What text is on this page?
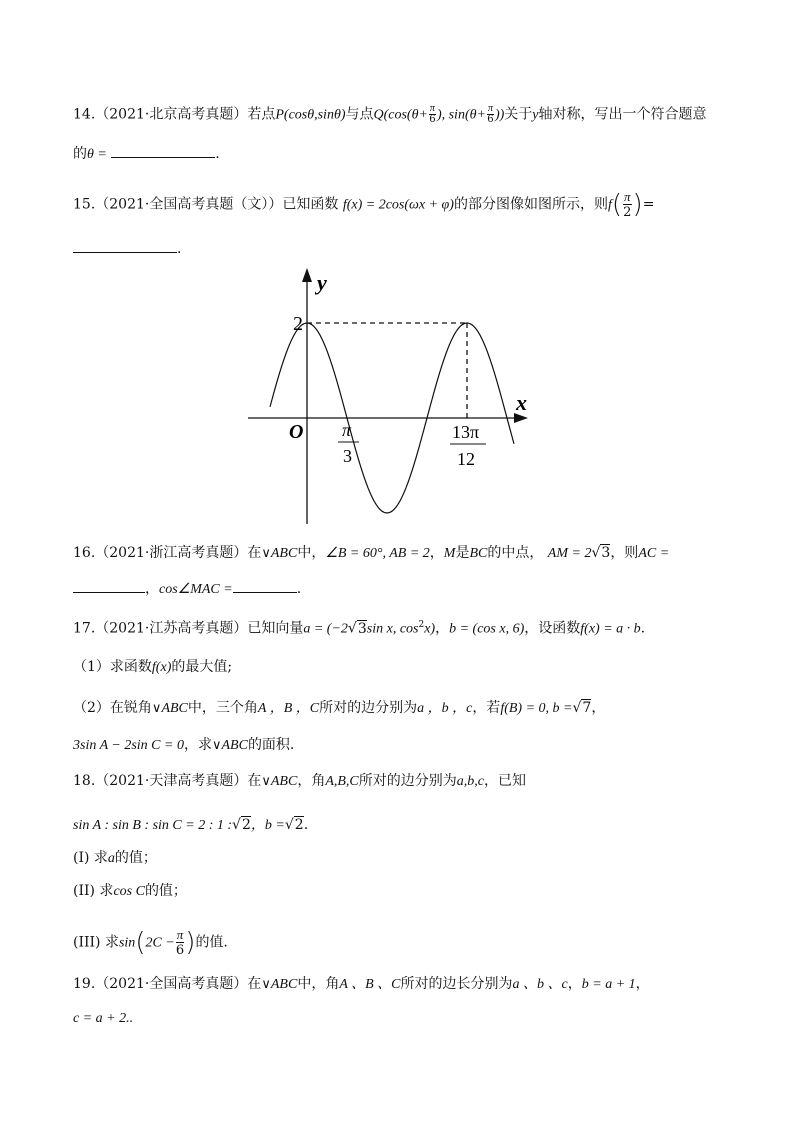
14.（2021·北京高考真题）若点P(cosθ,sinθ)与点$Q(\cos(\theta+ \frac{\pi}{6}$ ), $\sin(\theta+ \frac{\pi}{6}$ ))关于y轴对称，写出一个符合题意
的θ =	.
15.（2021·全国高考真题（文））已知函数 f(x) = 2cos(ωx + φ)的部分图像如图所示，则$f( \frac{\pi}{2}$ )=
.
y
x
O
2
π
3
13π
12
16.（2021·浙江高考真题）在∨ABC中，∠B = 60°, AB = 2，M是BC的中点， AM = 2√3，则AC =
，cos∠MAC =	.
17.（2021·江苏高考真题）已知向量a = (−2√3sin x, $\cos^2x$)，b = (cos x, 6)，设函数f(x) = a · b.
（1）求函数f(x)的最大值;
（2）在锐角∨ABC中，三个角A ，B ，C所对的边分别为a ，b ，c，若f(B) = 0, b =√7，
3sin A − 2sin C = 0，求∨ABC的面积.
18.（2021·天津高考真题）在∨ABC，角A,B,C所对的边分别为a,b,c，已知
sin A : sin B : sin C = 2 : 1 :√2，b =√2.
(I) 求a的值；
(II) 求cos C的值；
(III) 求$\sin(2C - \frac{\pi}{6}$ )的值.
19.（2021·全国高考真题）在∨ABC中，角A 、B 、C所对的边长分别为a 、b 、c，b = a + 1，
c = a + 2..
